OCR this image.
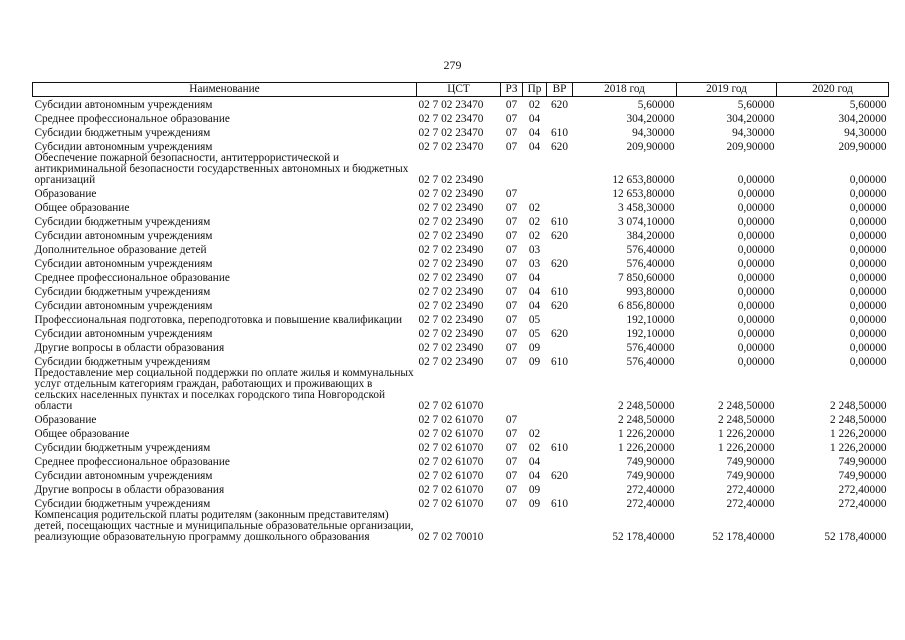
279
Наименование	ЦСТ	РЗ	Пр	ВР	2018 год	2019 год	2020 год
Субсидии автономным учреждениям	02 7 02 23470	07	02	620	5,60000	5,60000	5,60000
Среднее профессиональное образование	02 7 02 23470	07	04		304,20000	304,20000	304,20000
Субсидии бюджетным учреждениям	02 7 02 23470	07	04	610	94,30000	94,30000	94,30000
Субсидии автономным учреждениям	02 7 02 23470	07	04	620	209,90000	209,90000	209,90000
Обеспечение пожарной безопасности, антитеррористической и антикриминальной безопасности государственных автономных и бюджетных организаций	02 7 02 23490				12 653,80000	0,00000	0,00000
Образование	02 7 02 23490	07			12 653,80000	0,00000	0,00000
Общее образование	02 7 02 23490	07	02		3 458,30000	0,00000	0,00000
Субсидии бюджетным учреждениям	02 7 02 23490	07	02	610	3 074,10000	0,00000	0,00000
Субсидии автономным учреждениям	02 7 02 23490	07	02	620	384,20000	0,00000	0,00000
Дополнительное образование детей	02 7 02 23490	07	03		576,40000	0,00000	0,00000
Субсидии автономным учреждениям	02 7 02 23490	07	03	620	576,40000	0,00000	0,00000
Среднее профессиональное образование	02 7 02 23490	07	04		7 850,60000	0,00000	0,00000
Субсидии бюджетным учреждениям	02 7 02 23490	07	04	610	993,80000	0,00000	0,00000
Субсидии автономным учреждениям	02 7 02 23490	07	04	620	6 856,80000	0,00000	0,00000
Профессиональная подготовка, переподготовка и повышение квалификации	02 7 02 23490	07	05		192,10000	0,00000	0,00000
Субсидии автономным учреждениям	02 7 02 23490	07	05	620	192,10000	0,00000	0,00000
Другие вопросы в области образования	02 7 02 23490	07	09		576,40000	0,00000	0,00000
Субсидии бюджетным учреждениям	02 7 02 23490	07	09	610	576,40000	0,00000	0,00000
Предоставление мер социальной поддержки по оплате жилья и коммунальных услуг отдельным категориям граждан, работающих и проживающих в сельских населенных пунктах и поселках городского типа Новгородской области	02 7 02 61070				2 248,50000	2 248,50000	2 248,50000
Образование	02 7 02 61070	07			2 248,50000	2 248,50000	2 248,50000
Общее образование	02 7 02 61070	07	02		1 226,20000	1 226,20000	1 226,20000
Субсидии бюджетным учреждениям	02 7 02 61070	07	02	610	1 226,20000	1 226,20000	1 226,20000
Среднее профессиональное образование	02 7 02 61070	07	04		749,90000	749,90000	749,90000
Субсидии автономным учреждениям	02 7 02 61070	07	04	620	749,90000	749,90000	749,90000
Другие вопросы в области образования	02 7 02 61070	07	09		272,40000	272,40000	272,40000
Субсидии бюджетным учреждениям	02 7 02 61070	07	09	610	272,40000	272,40000	272,40000
Компенсация родительской платы родителям (законным представителям) детей, посещающих частные и муниципальные образовательные организации, реализующие образовательную программу дошкольного образования	02 7 02 70010				52 178,40000	52 178,40000	52 178,40000
